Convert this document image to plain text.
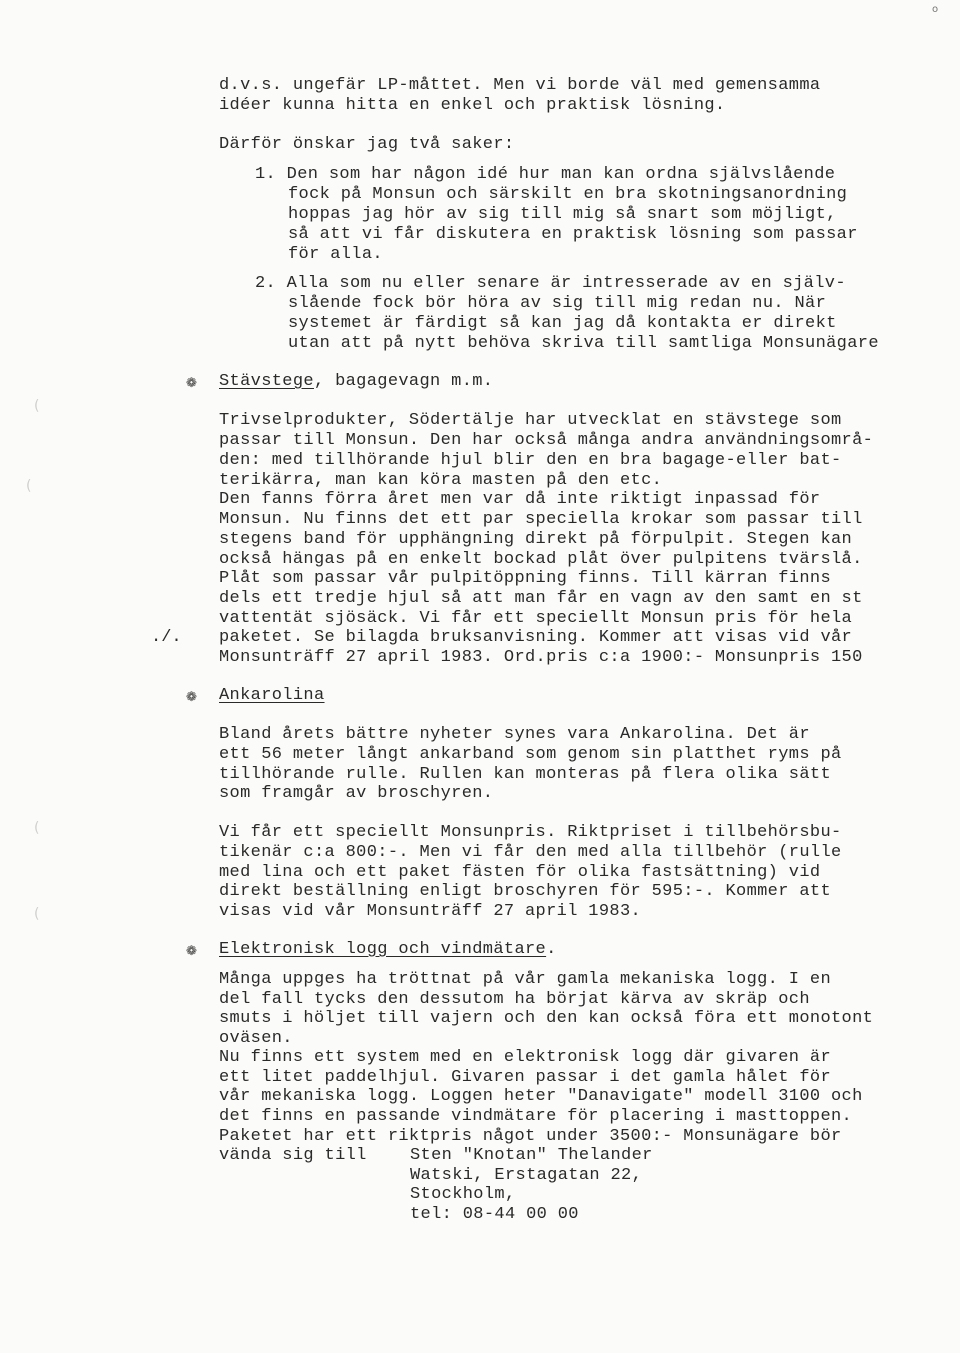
o
(
(
(
(
d.v.s. ungefär LP-måttet. Men vi borde väl med gemensamma
idéer kunna hitta en enkel och praktisk lösning.
Därför önskar jag två saker:
1. Den som har någon idé hur man kan ordna självslående
fock på Monsun och särskilt en bra skotningsanordning
hoppas jag hör av sig till mig så snart som möjligt,
så att vi får diskutera en praktisk lösning som passar
för alla.
2. Alla som nu eller senare är intresserade av en själv-
slående fock bör höra av sig till mig redan nu. När
systemet är färdigt så kan jag då kontakta er direkt
utan att på nytt behöva skriva till samtliga Monsunägare
❁ Stävstege, bagagevagn m.m.
Trivselprodukter, Södertälje har utvecklat en stävstege som
passar till Monsun. Den har också många andra användningsområ-
den: med tillhörande hjul blir den en bra bagage-eller bat-
terikärra, man kan köra masten på den etc.
Den fanns förra året men var då inte riktigt inpassad för
Monsun. Nu finns det ett par speciella krokar som passar till
stegens band för upphängning direkt på förpulpit. Stegen kan
också hängas på en enkelt bockad plåt över pulpitens tvärslå.
Plåt som passar vår pulpitöppning finns. Till kärran finns
dels ett tredje hjul så att man får en vagn av den samt en st
vattentät sjösäck. Vi får ett speciellt Monsun pris för hela
./. paketet. Se bilagda bruksanvisning. Kommer att visas vid vår
Monsunträff 27 april 1983. Ord.pris c:a 1900:- Monsunpris 150
❁ Ankarolina
Bland årets bättre nyheter synes vara Ankarolina. Det är
ett 56 meter långt ankarband som genom sin platthet ryms på
tillhörande rulle. Rullen kan monteras på flera olika sätt
som framgår av broschyren.
Vi får ett speciellt Monsunpris. Riktpriset i tillbehörsbu-
tikenär c:a 800:-. Men vi får den med alla tillbehör (rulle
med lina och ett paket fästen för olika fastsättning) vid
direkt beställning enligt broschyren för 595:-. Kommer att
visas vid vår Monsunträff 27 april 1983.
❁ Elektronisk logg och vindmätare.
Många uppges ha tröttnat på vår gamla mekaniska logg. I en
del fall tycks den dessutom ha börjat kärva av skräp och
smuts i höljet till vajern och den kan också föra ett monotont
oväsen.
Nu finns ett system med en elektronisk logg där givaren är
ett litet paddelhjul. Givaren passar i det gamla hålet för
vår mekaniska logg. Loggen heter "Danavigate" modell 3100 och
det finns en passande vindmätare för placering i masttoppen.
Paketet har ett riktpris något under 3500:- Monsunägare bör
vända sig till	Sten "Knotan" Thelander
Watski, Erstagatan 22,
Stockholm,
tel: 08-44 00 00
